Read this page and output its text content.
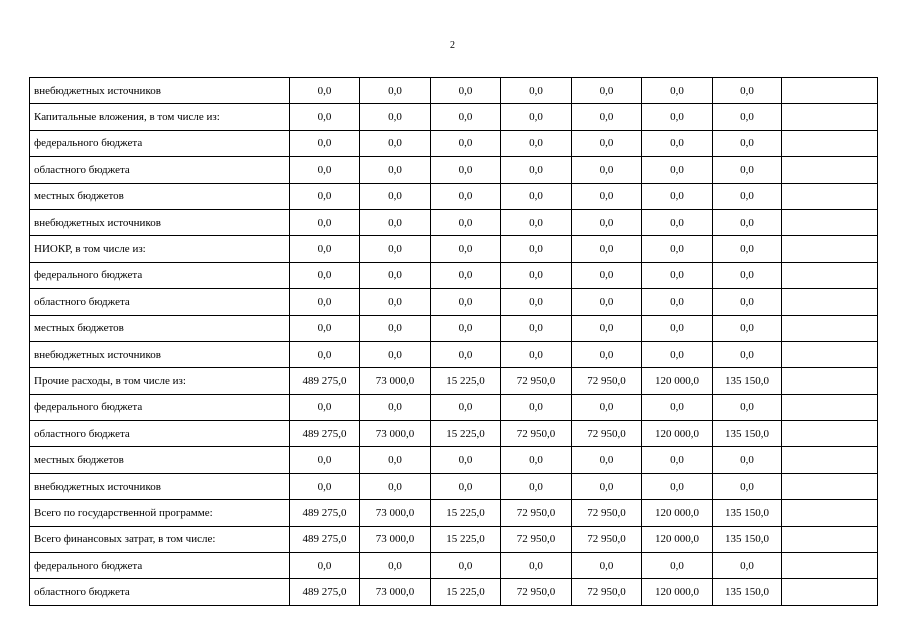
2
внебюджетных источников	0,0	0,0	0,0	0,0	0,0	0,0	0,0	
Капитальные вложения, в том числе из:	0,0	0,0	0,0	0,0	0,0	0,0	0,0	
федерального бюджета	0,0	0,0	0,0	0,0	0,0	0,0	0,0	
областного бюджета	0,0	0,0	0,0	0,0	0,0	0,0	0,0	
местных бюджетов	0,0	0,0	0,0	0,0	0,0	0,0	0,0	
внебюджетных источников	0,0	0,0	0,0	0,0	0,0	0,0	0,0	
НИОКР, в том числе из:	0,0	0,0	0,0	0,0	0,0	0,0	0,0	
федерального бюджета	0,0	0,0	0,0	0,0	0,0	0,0	0,0	
областного бюджета	0,0	0,0	0,0	0,0	0,0	0,0	0,0	
местных бюджетов	0,0	0,0	0,0	0,0	0,0	0,0	0,0	
внебюджетных источников	0,0	0,0	0,0	0,0	0,0	0,0	0,0	
Прочие расходы, в том числе из:	489 275,0	73 000,0	15 225,0	72 950,0	72 950,0	120 000,0	135 150,0	
федерального бюджета	0,0	0,0	0,0	0,0	0,0	0,0	0,0	
областного бюджета	489 275,0	73 000,0	15 225,0	72 950,0	72 950,0	120 000,0	135 150,0	
местных бюджетов	0,0	0,0	0,0	0,0	0,0	0,0	0,0	
внебюджетных источников	0,0	0,0	0,0	0,0	0,0	0,0	0,0	
Всего по государственной программе:	489 275,0	73 000,0	15 225,0	72 950,0	72 950,0	120 000,0	135 150,0	
Всего финансовых затрат, в том числе:	489 275,0	73 000,0	15 225,0	72 950,0	72 950,0	120 000,0	135 150,0	
федерального бюджета	0,0	0,0	0,0	0,0	0,0	0,0	0,0	
областного бюджета	489 275,0	73 000,0	15 225,0	72 950,0	72 950,0	120 000,0	135 150,0	
